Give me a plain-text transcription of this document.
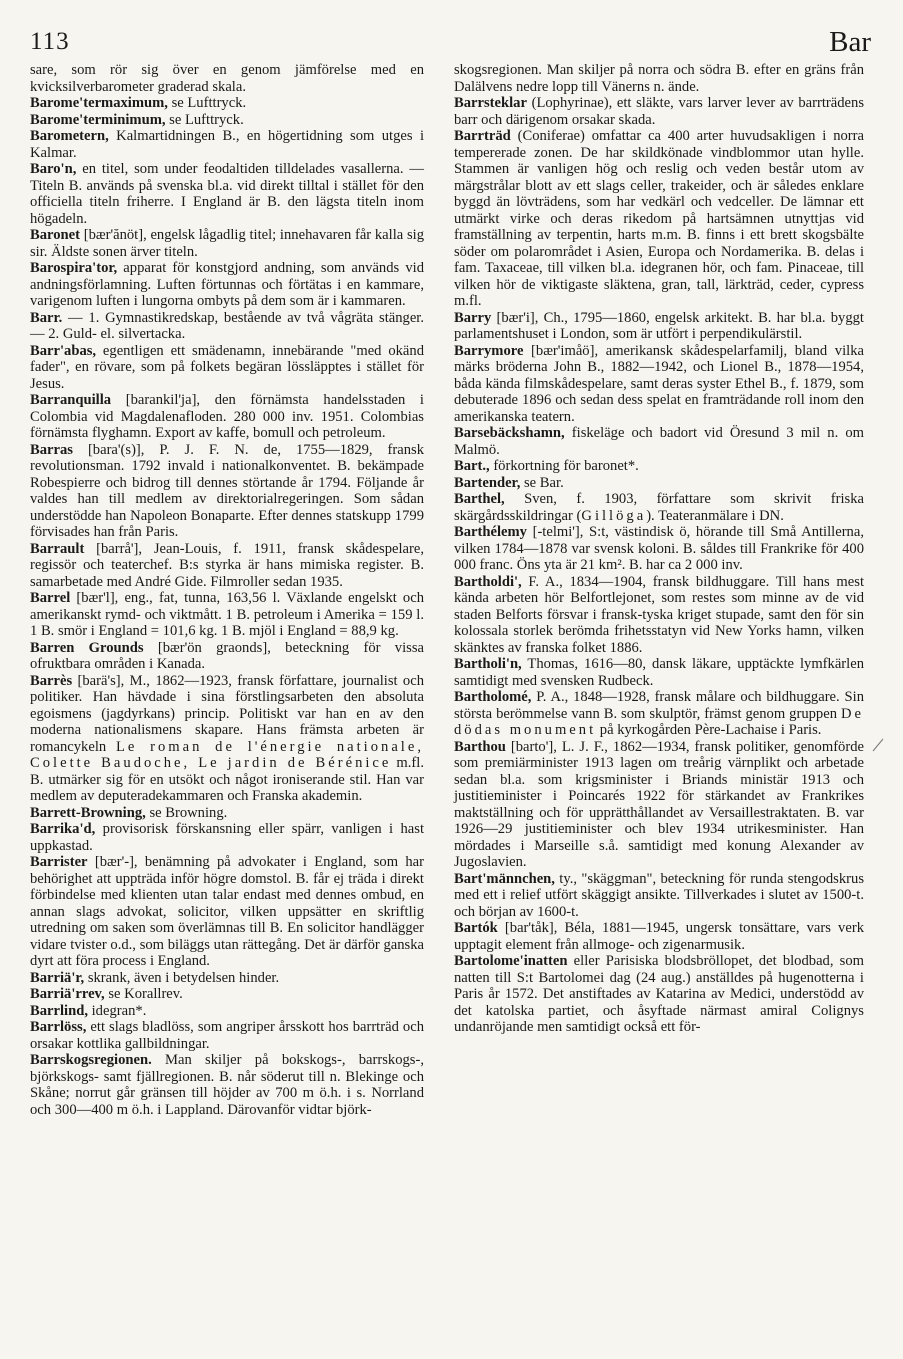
113	Bar

sare, som rör sig över en genom jämförelse med en kvicksilverbarometer graderad skala.

Barome'termaximum, se Lufttryck.

Barome'terminimum, se Lufttryck.

Barometern, Kalmartidningen B., en högertidning som utges i Kalmar.

Baro'n, en titel, som under feodaltiden tilldelades vasallerna. — Titeln B. används på svenska bl.a. vid direkt tilltal i stället för den officiella titeln friherre. I England är B. den lägsta titeln inom högadeln.

Baronet [bær'ănöt], engelsk lågadlig titel; innehavaren får kalla sig sir. Äldste sonen ärver titeln.

Barospira'tor, apparat för konstgjord andning, som används vid andningsförlamning. Luften förtunnas och förtätas i en kammare, varigenom luften i lungorna ombyts på dem som är i kammaren.

Barr. — 1. Gymnastikredskap, bestående av två vågräta stänger. — 2. Guld- el. silvertacka.

Barr'abas, egentligen ett smädenamn, innebärande "med okänd fader", en rövare, som på folkets begäran lössläpptes i stället för Jesus.

Barranquilla [barankil'ja], den förnämsta handelsstaden i Colombia vid Magdalenafloden. 280 000 inv. 1951. Colombias förnämsta flyghamn. Export av kaffe, bomull och petroleum.

Barras [bara'(s)], P. J. F. N. de, 1755—1829, fransk revolutionsman. 1792 invald i nationalkonventet. B. bekämpade Robespierre och bidrog till dennes störtande år 1794. Följande år valdes han till medlem av direktorialregeringen. Som sådan understödde han Napoleon Bonaparte. Efter dennes statskupp 1799 förvisades han från Paris.

Barrault [barrå'], Jean-Louis, f. 1911, fransk skådespelare, regissör och teaterchef. B:s styrka är hans mimiska register. B. samarbetade med André Gide. Filmroller sedan 1935.

Barrel [bær'l], eng., fat, tunna, 163,56 l. Växlande engelskt och amerikanskt rymd- och viktmått. 1 B. petroleum i Amerika = 159 l. 1 B. smör i England = 101,6 kg. 1 B. mjöl i England = 88,9 kg.

Barren Grounds [bær'ön graonds], beteckning för vissa ofruktbara områden i Kanada.

Barrès [barä's], M., 1862—1923, fransk författare, journalist och politiker. Han hävdade i sina förstlingsarbeten den absoluta egoismens (jagdyrkans) princip. Politiskt var han en av den moderna nationalismens skapare. Hans främsta arbeten är romancykeln Le roman de l'énergie nationale, Colette Baudoche, Le jardin de Bérénice m.fl. B. utmärker sig för en utsökt och något ironiserande stil. Han var medlem av deputeradekammaren och Franska akademin.

Barrett-Browning, se Browning.

Barrika'd, provisorisk förskansning eller spärr, vanligen i hast uppkastad.

Barrister [bær'-], benämning på advokater i England, som har behörighet att uppträda inför högre domstol. B. får ej träda i direkt förbindelse med klienten utan talar endast med dennes ombud, en annan slags advokat, solicitor, vilken uppsätter en skriftlig utredning om saken som överlämnas till B. En solicitor handlägger vidare tvister o.d., som biläggs utan rättegång. Det är därför ganska dyrt att föra process i England.

Barriä'r, skrank, även i betydelsen hinder.

Barriä'rrev, se Korallrev.

Barrlind, idegran*.

Barrlöss, ett slags bladlöss, som angriper årsskott hos barrträd och orsakar kottlika gallbildningar.

Barrskogsregionen. Man skiljer på bokskogs-, barrskogs-, björkskogs- samt fjällregionen. B. når söderut till n. Blekinge och Skåne; norrut går gränsen till höjder av 700 m ö.h. i s. Norrland och 300—400 m ö.h. i Lappland. Därovanför vidtar björk-

skogsregionen. Man skiljer på norra och södra B. efter en gräns från Dalälvens nedre lopp till Vänerns n. ände.

Barrsteklar (Lophyrinae), ett släkte, vars larver lever av barrträdens barr och därigenom orsakar skada.

Barrträd (Coniferae) omfattar ca 400 arter huvudsakligen i norra tempererade zonen. De har skildkönade vindblommor utan hylle. Stammen är vanligen hög och reslig och veden består utom av märgstrålar blott av ett slags celler, trakeider, och är således enklare byggd än lövträdens, som har vedkärl och vedceller. De lämnar ett utmärkt virke och deras rikedom på hartsämnen utnyttjas vid framställning av terpentin, harts m.m. B. finns i ett brett skogsbälte söder om polarområdet i Asien, Europa och Nordamerika. B. delas i fam. Taxaceae, till vilken bl.a. idegranen hör, och fam. Pinaceae, till vilken hör de viktigaste släktena, gran, tall, lärkträd, ceder, cypress m.fl.

Barry [bær'i], Ch., 1795—1860, engelsk arkitekt. B. har bl.a. byggt parlamentshuset i London, som är utfört i perpendikulärstil.

Barrymore [bær'imåö], amerikansk skådespelarfamilj, bland vilka märks bröderna John B., 1882—1942, och Lionel B., 1878—1954, båda kända filmskådespelare, samt deras syster Ethel B., f. 1879, som debuterade 1896 och sedan dess spelat en framträdande roll inom den amerikanska teatern.

Barsebäckshamn, fiskeläge och badort vid Öresund 3 mil n. om Malmö.

Bart., förkortning för baronet*.

Bartender, se Bar.

Barthel, Sven, f. 1903, författare som skrivit friska skärgårdsskildringar (Gillöga). Teateranmälare i DN.

Barthélemy [-telmi'], S:t, västindisk ö, hörande till Små Antillerna, vilken 1784—1878 var svensk koloni. B. såldes till Frankrike för 400 000 franc. Öns yta är 21 km². B. har ca 2 000 inv.

Bartholdi', F. A., 1834—1904, fransk bildhuggare. Till hans mest kända arbeten hör Belfortlejonet, som restes som minne av de vid staden Belforts försvar i fransk-tyska kriget stupade, samt den för sin kolossala storlek berömda frihetsstatyn vid New Yorks hamn, vilken skänktes av franska folket 1886.

Bartholi'n, Thomas, 1616—80, dansk läkare, upptäckte lymfkärlen samtidigt med svensken Rudbeck.

Bartholomé, P. A., 1848—1928, fransk målare och bildhuggare. Sin största berömmelse vann B. som skulptör, främst genom gruppen De dödas monument på kyrkogården Père-Lachaise i Paris.

Barthou [barto'], L. J. F., 1862—1934, fransk politiker, genomförde som premiärminister 1913 lagen om treårig värnplikt och arbetade sedan bl.a. som krigsminister i Briands ministär 1913 och justitieminister i Poincarés 1922 för stärkandet av Frankrikes maktställning och för upprätthållandet av Versaillestraktaten. B. var 1926—29 justitieminister och blev 1934 utrikesminister. Han mördades i Marseille s.å. samtidigt med konung Alexander av Jugoslavien.

Bart'männchen, ty., "skäggman", beteckning för runda stengodskrus med ett i relief utfört skäggigt ansikte. Tillverkades i slutet av 1500-t. och början av 1600-t.

Bartók [bar'tåk], Béla, 1881—1945, ungersk tonsättare, vars verk upptagit element från allmoge- och zigenarmusik.

Bartolome'inatten eller Parisiska blodsbröllopet, det blodbad, som natten till S:t Bartolomei dag (24 aug.) anställdes på hugenotterna i Paris år 1572. Det anstiftades av Katarina av Medici, understödd av det katolska partiet, och åsyftade närmast amiral Colignys undanröjande men samtidigt också ett för-
